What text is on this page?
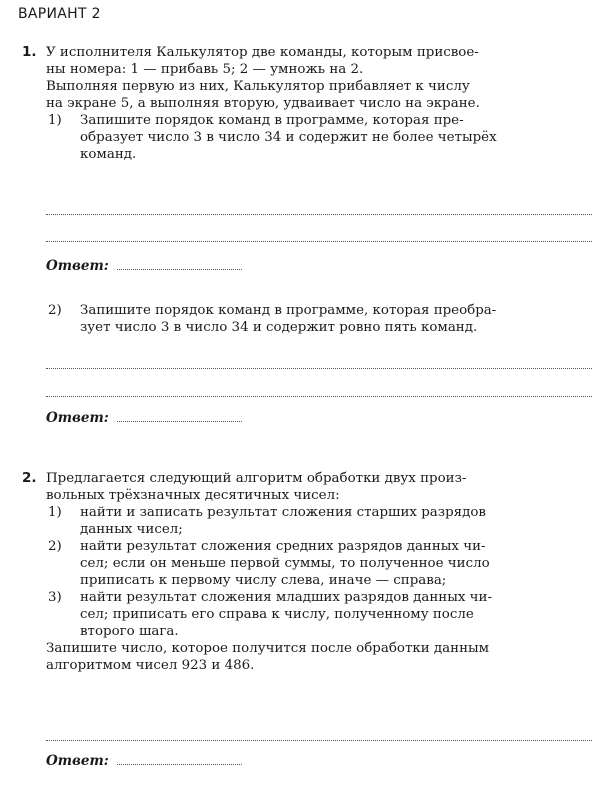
ВАРИАНТ 2
1. У исполнителя Калькулятор две команды, которым присвое-
ны номера: 1 — прибавь 5; 2 — умножь на 2.
Выполняя первую из них, Калькулятор прибавляет к числу
на экране 5, а выполняя вторую, удваивает число на экране.
1) Запишите порядок команд в программе, которая пре-
образует число 3 в число 34 и содержит не более четырёх
команд.
Ответ:
2) Запишите порядок команд в программе, которая преобра-
зует число 3 в число 34 и содержит ровно пять команд.
Ответ:
2. Предлагается следующий алгоритм обработки двух произ-
вольных трёхзначных десятичных чисел:
1) найти и записать результат сложения старших разрядов
данных чисел;
2) найти результат сложения средних разрядов данных чи-
сел; если он меньше первой суммы, то полученное число
приписать к первому числу слева, иначе — справа;
3) найти результат сложения младших разрядов данных чи-
сел; приписать его справа к числу, полученному после
второго шага.
Запишите число, которое получится после обработки данным
алгоритмом чисел 923 и 486.
Ответ:
